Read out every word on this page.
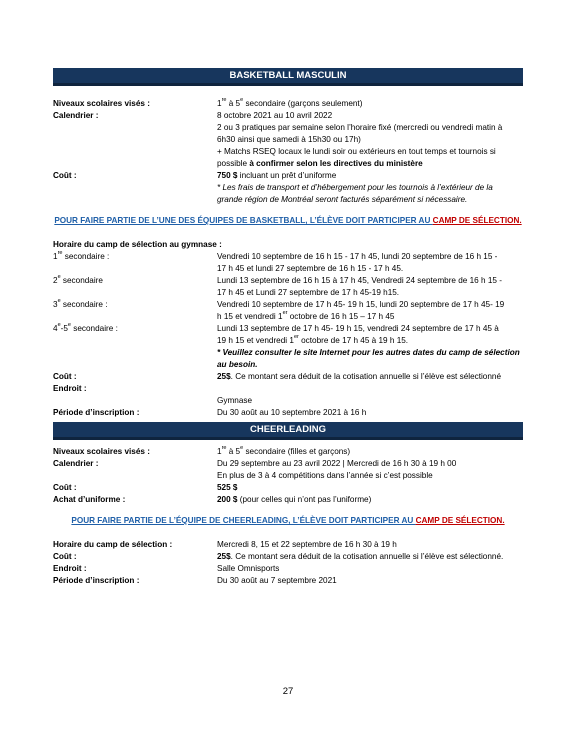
BASKETBALL MASCULIN
Niveaux scolaires visés :	1re à 5e secondaire (garçons seulement)
Calendrier :	8 octobre 2021 au 10 avril 2022
2 ou 3 pratiques par semaine selon l’horaire fixé (mercredi ou vendredi matin à
6h30 ainsi que samedi à 15h30 ou 17h)
+ Matchs RSEQ locaux le lundi soir ou extérieurs en tout temps et tournois si
possible à confirmer selon les directives du ministère
Coût :	750 $ incluant un prêt d’uniforme
* Les frais de transport et d’hébergement pour les tournois à l’extérieur de la
grande région de Montréal seront facturés séparément si nécessaire.
POUR FAIRE PARTIE DE L’UNE DES ÉQUIPES DE BASKETBALL, L’ÉLÈVE DOIT PARTICIPER AU CAMP DE SÉLECTION.
Horaire du camp de sélection au gymnase :
1re secondaire :	Vendredi 10 septembre de 16 h 15 - 17 h 45, lundi 20 septembre de 16 h 15 -
17 h 45 et lundi 27 septembre de 16 h 15 - 17 h 45.
2e secondaire	Lundi 13 septembre de 16 h 15 à 17 h 45, Vendredi 24 septembre de 16 h 15 -
17 h 45 et Lundi 27 septembre de 17 h 45-19 h15.
3e secondaire :	Vendredi 10 septembre de 17 h 45- 19 h 15, lundi 20 septembre de 17 h 45- 19
h 15 et vendredi 1er octobre de 16 h 15 – 17 h 45
4e-5e secondaire :	Lundi 13 septembre de 17 h 45- 19 h 15, vendredi 24 septembre de 17 h 45 à
19 h 15 et vendredi 1er octobre de 17 h 45 à 19 h 15.
* Veuillez consulter le site Internet pour les autres dates du camp de sélection
au besoin.
Coût :	25$. Ce montant sera déduit de la cotisation annuelle si l’élève est sélectionné
Endroit :
Gymnase
Période d’inscription :	Du 30 août au 10 septembre 2021 à 16 h
CHEERLEADING
Niveaux scolaires visés :	1re à 5e secondaire (filles et garçons)
Calendrier :	Du 29 septembre au 23 avril 2022 | Mercredi de 16 h 30 à 19 h 00
En plus de 3 à 4 compétitions dans l’année si c’est possible
Coût :	525 $
Achat d’uniforme :	200 $ (pour celles qui n’ont pas l’uniforme)
POUR FAIRE PARTIE DE L’ÉQUIPE DE CHEERLEADING, L’ÉLÈVE DOIT PARTICIPER AU CAMP DE SÉLECTION.
Horaire du camp de sélection :	Mercredi 8, 15 et 22 septembre de 16 h 30 à 19 h
Coût :	25$. Ce montant sera déduit de la cotisation annuelle si l’élève est sélectionné.
Endroit :	Salle Omnisports
Période d’inscription :	Du 30 août au 7 septembre 2021
27
